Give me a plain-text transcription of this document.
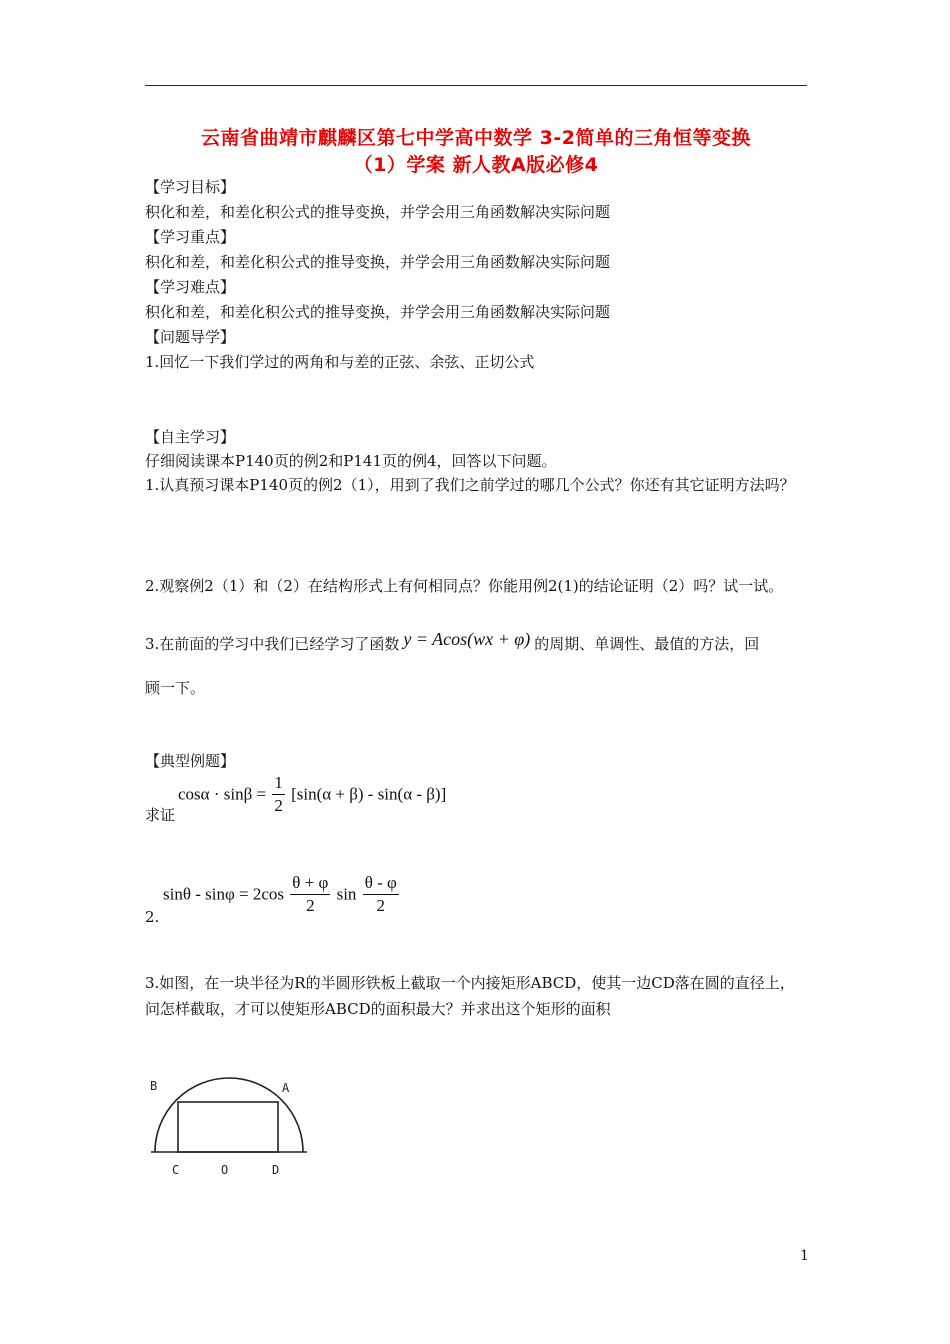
云南省曲靖市麒麟区第七中学高中数学 3-2简单的三角恒等变换
（1）学案 新人教A版必修4
【学习目标】
积化和差，和差化积公式的推导变换，并学会用三角函数解决实际问题
【学习重点】
积化和差，和差化积公式的推导变换，并学会用三角函数解决实际问题
【学习难点】
积化和差，和差化积公式的推导变换，并学会用三角函数解决实际问题
【问题导学】
1.回忆一下我们学过的两角和与差的正弦、余弦、正切公式
【自主学习】
仔细阅读课本P140页的例2和P141页的例4，回答以下问题。
1.认真预习课本P140页的例2（1），用到了我们之前学过的哪几个公式？你还有其它证明方法吗？
2.观察例2（1）和（2）在结构形式上有何相同点？你能用例2(1)的结论证明（2）吗？试一试。
3.在前面的学习中我们已经学习了函数 y = Acos(wx + φ) 的周期、单调性、最值的方法，回
顾一下。
【典型例题】
$\cos\alpha \cdot \sin\beta = \frac{1}{2} [\sin(\alpha + \beta) - \sin(\alpha - \beta)]$
求证
$\sin\theta - \sin\varphi = 2\cos \frac{\theta + \varphi}{2}$ $\sin \frac{\theta - \varphi}{2}$
2.
3.如图，在一块半径为R的半圆形铁板上截取一个内接矩形ABCD，使其一边CD落在圆的直径上，问怎样截取，才可以使矩形ABCD的面积最大？并求出这个矩形的面积
B	A
C	O	D
1
